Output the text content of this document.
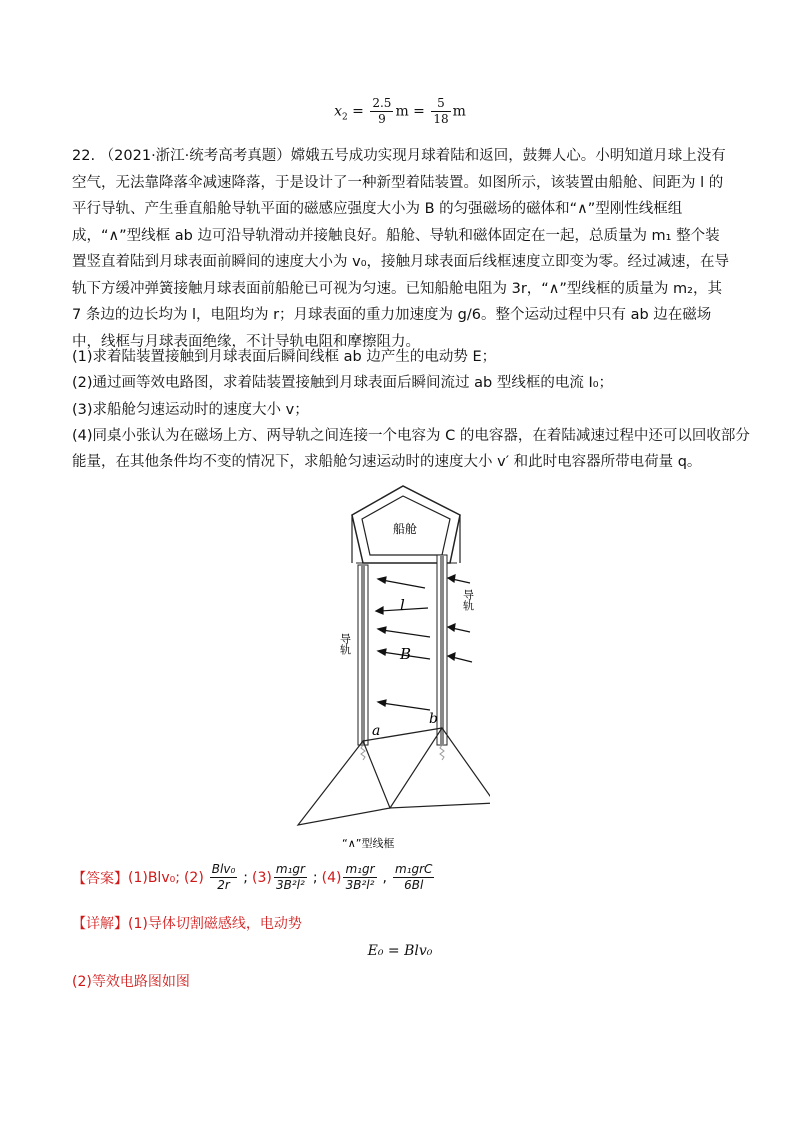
$x_2 = \frac{2.5}{9}$ $m = \frac{5}{18}$ m
22. （2021·浙江·统考高考真题）嫦娥五号成功实现月球着陆和返回，鼓舞人心。小明知道月球上没有空气，无法靠降落伞减速降落，于是设计了一种新型着陆装置。如图所示，该装置由船舱、间距为 l 的平行导轨、产生垂直船舱导轨平面的磁感应强度大小为 B 的匀强磁场的磁体和“∧”型刚性线框组成，“∧”型线框 ab 边可沿导轨滑动并接触良好。船舱、导轨和磁体固定在一起，总质量为 m₁ 整个装置竖直着陆到月球表面前瞬间的速度大小为 v₀，接触月球表面后线框速度立即变为零。经过减速，在导轨下方缓冲弹簧接触月球表面前船舱已可视为匀速。已知船舱电阻为 3r，“∧”型线框的质量为 m₂，其 7 条边的边长均为 l，电阻均为 r；月球表面的重力加速度为 g/6。整个运动过程中只有 ab 边在磁场中，线框与月球表面绝缘，不计导轨电阻和摩擦阻力。
(1)求着陆装置接触到月球表面后瞬间线框 ab 边产生的电动势 E；
(2)通过画等效电路图，求着陆装置接触到月球表面后瞬间流过 ab 型线框的电流 I₀；
(3)求船舱匀速运动时的速度大小 v；
(4)同桌小张认为在磁场上方、两导轨之间连接一个电容为 C 的电容器，在着陆减速过程中还可以回收部分
能量，在其他条件均不变的情况下，求船舱匀速运动时的速度大小 v′ 和此时电容器所带电荷量 q。
船舱
导轨
导轨
l
B
a
b
“∧”型线框
【答案】 (1)Blv₀; $(2) \frac{\text{Blv₀}}{2r}$ ; $(3) \frac{\text{m₁gr}}{\text{3B²l²}}$ ; $(4) \frac{\text{m₁gr}}{\text{3B²l²}}$ , $\frac{\text{m₁grC}}{6Bl}$
【详解】(1)导体切割磁感线，电动势
E₀ = Blv₀
(2)等效电路图如图
